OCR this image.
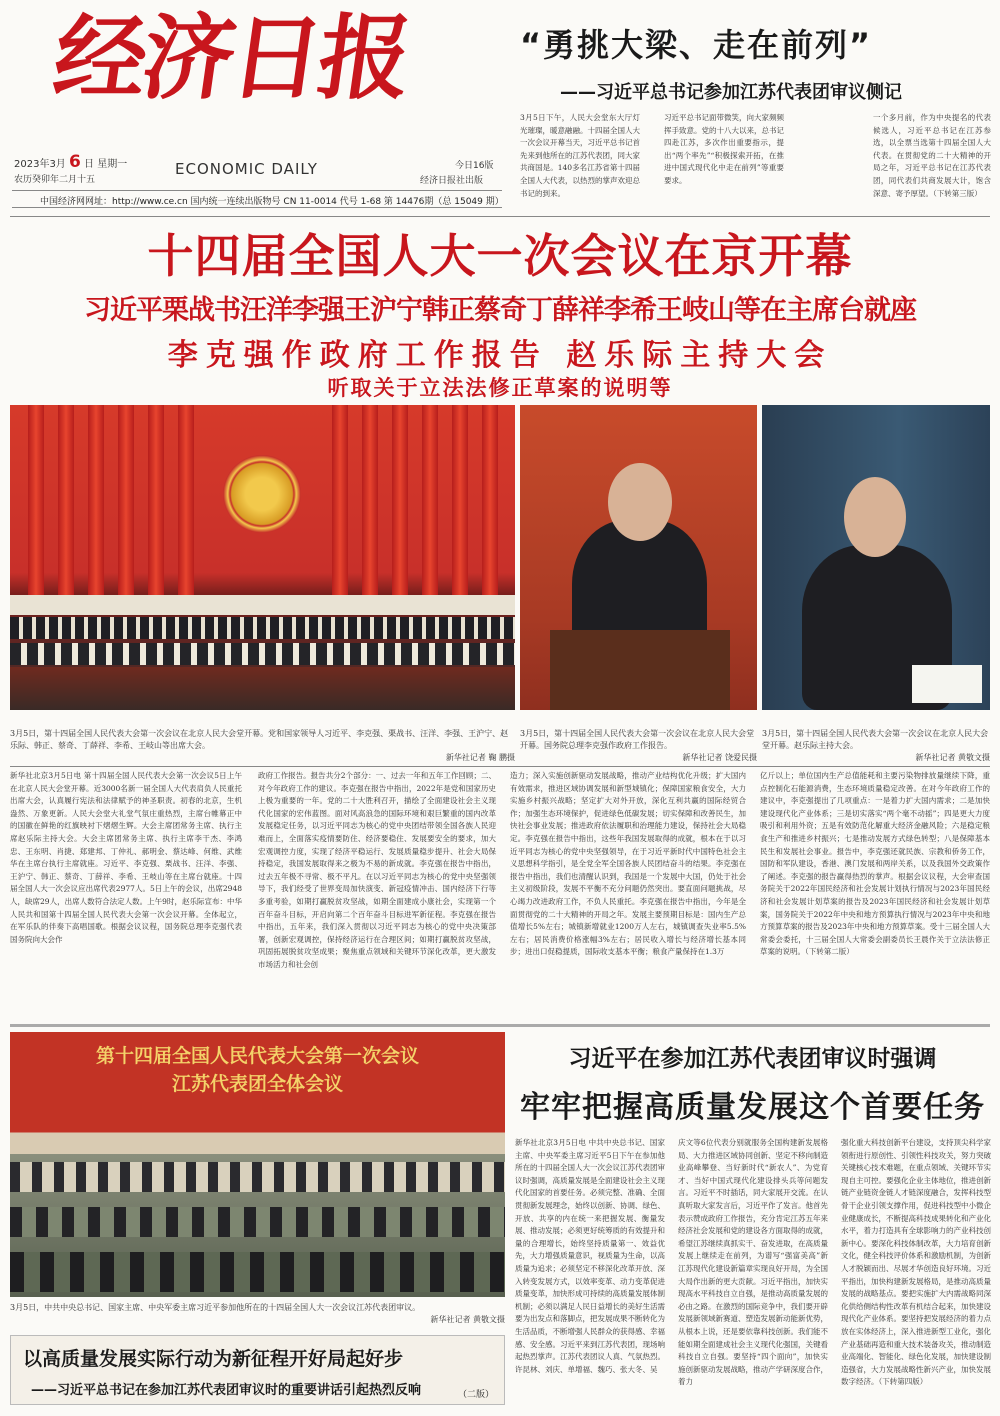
经济日报
2023年3月 6 日 星期一
农历癸卯年二月十五
ECONOMIC DAILY	今日16版
经济日报社出版
中国经济网网址：http://www.ce.cn 国内统一连续出版物号 CN 11-0014 代号 1-68 第 14476期（总 15049 期）
“勇挑大梁、走在前列”
——习近平总书记参加江苏代表团审议侧记
3月5日下午，人民大会堂东大厅灯光璀璨，暖意融融。十四届全国人大一次会议开幕当天，习近平总书记首先来到他所在的江苏代表团，同大家共商国是。140多名江苏省第十四届全国人大代表，以热烈的掌声欢迎总书记的到来。
习近平总书记面带微笑，向大家频频挥手致意。党的十八大以来，总书记四赴江苏，多次作出重要指示，提出“两个率先”“积极探索开拓，在推进中国式现代化中走在前列”等重要要求。
一个多月前，作为中央提名的代表候选人，习近平总书记在江苏参选，以全票当选第十四届全国人大代表。在贯彻党的二十大精神的开局之年，习近平总书记在江苏代表团，同代表们共商发展大计，饱含深意、寄予厚望。（下转第三版）
十四届全国人大一次会议在京开幕
习近平栗战书汪洋李强王沪宁韩正蔡奇丁薛祥李希王岐山等在主席台就座
李克强作政府工作报告 赵乐际主持大会
听取关于立法法修正草案的说明等
3月5日，第十四届全国人民代表大会第一次会议在北京人民大会堂开幕。党和国家领导人习近平、李克强、栗战书、汪洋、李强、王沪宁、赵乐际、韩正、蔡奇、丁薛祥、李希、王岐山等出席大会。
新华社记者 鞠 鹏摄
3月5日，第十四届全国人民代表大会第一次会议在北京人民大会堂开幕。国务院总理李克强作政府工作报告。
新华社记者 饶爱民摄
3月5日，第十四届全国人民代表大会第一次会议在北京人民大会堂开幕。赵乐际主持大会。
新华社记者 黄敬文摄
新华社北京3月5日电 第十四届全国人民代表大会第一次会议5日上午在北京人民大会堂开幕。近3000名新一届全国人大代表肩负人民重托出席大会，认真履行宪法和法律赋予的神圣职责。初春的北京，生机盎然、万象更新。人民大会堂大礼堂气氛庄重热烈，主席台帷幕正中的国徽在鲜艳的红旗映衬下熠熠生辉。大会主席团常务主席、执行主席赵乐际主持大会。大会主席团常务主席、执行主席李干杰、李鸿忠、王东明、肖捷、郑建邦、丁仲礼、郝明金、蔡达峰、何维、武维华在主席台执行主席就座。习近平、李克强、栗战书、汪洋、李强、王沪宁、韩正、蔡奇、丁薛祥、李希、王岐山等在主席台就座。十四届全国人大一次会议应出席代表2977人。5日上午的会议，出席2948人，缺席29人，出席人数符合法定人数。上午9时，赵乐际宣布：中华人民共和国第十四届全国人民代表大会第一次会议开幕。全体起立，在军乐队的伴奏下高唱国歌。根据会议议程，国务院总理李克强代表国务院向大会作
政府工作报告。报告共分2个部分：一、过去一年和五年工作回顾；二、对今年政府工作的建议。李克强在报告中指出，2022年是党和国家历史上极为重要的一年。党的二十大胜利召开，描绘了全面建设社会主义现代化国家的宏伟蓝图。面对风高浪急的国际环境和艰巨繁重的国内改革发展稳定任务，以习近平同志为核心的党中央团结带领全国各族人民迎难而上，全面落实疫情要防住、经济要稳住、发展要安全的要求，加大宏观调控力度，实现了经济平稳运行、发展质量稳步提升、社会大局保持稳定，我国发展取得来之极为不易的新成就。李克强在报告中指出，过去五年极不寻常、极不平凡。在以习近平同志为核心的党中央坚强领导下，我们经受了世界变局加快演变、新冠疫情冲击、国内经济下行等多重考验，如期打赢脱贫攻坚战，如期全面建成小康社会，实现第一个百年奋斗目标，开启向第二个百年奋斗目标进军新征程。李克强在报告中指出，五年来，我们深入贯彻以习近平同志为核心的党中央决策部署，创新宏观调控，保持经济运行在合理区间；如期打赢脱贫攻坚战，巩固拓展脱贫攻坚成果；聚焦重点领域和关键环节深化改革，更大激发市场活力和社会创
造力；深入实施创新驱动发展战略，推动产业结构优化升级；扩大国内有效需求，推进区域协调发展和新型城镇化；保障国家粮食安全，大力实施乡村振兴战略；坚定扩大对外开放，深化互利共赢的国际经贸合作；加强生态环境保护，促进绿色低碳发展；切实保障和改善民生，加快社会事业发展；推进政府依法履职和治理能力建设，保持社会大局稳定。李克强在报告中指出，这些年我国发展取得的成就，根本在于以习近平同志为核心的党中央坚强领导，在于习近平新时代中国特色社会主义思想科学指引，是全党全军全国各族人民团结奋斗的结果。李克强在报告中指出，我们也清醒认识到，我国是一个发展中大国，仍处于社会主义初级阶段，发展不平衡不充分问题仍然突出。要直面问题挑战，尽心竭力改进政府工作，不负人民重托。李克强在报告中指出，今年是全面贯彻党的二十大精神的开局之年。发展主要预期目标是：国内生产总值增长5%左右；城镇新增就业1200万人左右，城镇调查失业率5.5%左右；居民消费价格涨幅3%左右；居民收入增长与经济增长基本同步；进出口促稳提质，国际收支基本平衡；粮食产量保持在1.3万
亿斤以上；单位国内生产总值能耗和主要污染物排放量继续下降，重点控制化石能源消费，生态环境质量稳定改善。在对今年政府工作的建议中，李克强提出了几项重点：一是着力扩大国内需求；二是加快建设现代化产业体系；三是切实落实“两个毫不动摇”；四是更大力度吸引和利用外资；五是有效防范化解重大经济金融风险；六是稳定粮食生产和推进乡村振兴；七是推动发展方式绿色转型；八是保障基本民生和发展社会事业。报告中，李克强还就民族、宗教和侨务工作，国防和军队建设，香港、澳门发展和两岸关系，以及我国外交政策作了阐述。李克强的报告赢得热烈的掌声。根据会议议程，大会审查国务院关于2022年国民经济和社会发展计划执行情况与2023年国民经济和社会发展计划草案的报告及2023年国民经济和社会发展计划草案，国务院关于2022年中央和地方预算执行情况与2023年中央和地方预算草案的报告及2023年中央和地方预算草案。受十三届全国人大常委会委托，十三届全国人大常委会副委员长王晨作关于立法法修正草案的说明。（下转第二版）
第十四届全国人民代表大会第一次会议
江苏代表团全体会议
3月5日，中共中央总书记、国家主席、中央军委主席习近平参加他所在的十四届全国人大一次会议江苏代表团审议。
新华社记者 黄敬文摄
习近平在参加江苏代表团审议时强调
牢牢把握高质量发展这个首要任务
新华社北京3月5日电 中共中央总书记、国家主席、中央军委主席习近平5日下午在参加他所在的十四届全国人大一次会议江苏代表团审议时强调，高质量发展是全面建设社会主义现代化国家的首要任务。必须完整、准确、全面贯彻新发展理念，始终以创新、协调、绿色、开放、共享的内在统一来把握发展、衡量发展、推动发展；必须更好统筹质的有效提升和量的合理增长，始终坚持质量第一、效益优先，大力增强质量意识，视质量为生命，以高质量为追求；必须坚定不移深化改革开放、深入转变发展方式，以效率变革、动力变革促进质量变革，加快形成可持续的高质量发展体制机制；必须以满足人民日益增长的美好生活需要为出发点和落脚点，把发展成果不断转化为生活品质，不断增强人民群众的获得感、幸福感、安全感。习近平来到江苏代表团，现场响起热烈掌声。江苏代表团议人真、气氛热烈。许昆林、刘庆、单增福、魏巧、张大冬、吴
庆文等6位代表分别就服务全国构建新发展格局、大力推进区域协同创新、坚定不移向制造业高峰攀登、当好新时代“新农人”、为党育才、当好中国式现代化建设排头兵等问题发言。习近平不时插话，同大家展开交流。在认真听取大家发言后，习近平作了发言。他首先表示赞成政府工作报告，充分肯定江苏五年来经济社会发展和党的建设各方面取得的成就，希望江苏继续真抓实干、奋发进取，在高质量发展上继续走在前列，为谱写“强富美高”新江苏现代化建设新篇章实现良好开局，为全国大局作出新的更大贡献。习近平指出，加快实现高水平科技自立自强，是推动高质量发展的必由之路。在激烈的国际竞争中，我们要开辟发展新领域新赛道、塑造发展新动能新优势，从根本上说，还是要依靠科技创新。我们能不能如期全面建成社会主义现代化强国，关键看科技自立自强。要坚持“四个面向”，加快实施创新驱动发展战略，推动产学研深度合作，着力
强化重大科技创新平台建设，支持顶尖科学家领衔进行原创性、引领性科技攻关，努力突破关键核心技术难题，在重点领域、关键环节实现自主可控。要强化企业主体地位，推进创新链产业链资金链人才链深度融合，发挥科技型骨干企业引领支撑作用，促进科技型中小微企业健康成长，不断提高科技成果转化和产业化水平，着力打造具有全球影响力的产业科技创新中心。要深化科技体制改革，大力培育创新文化，健全科技评价体系和激励机制，为创新人才脱颖而出、尽展才华创造良好环境。习近平指出，加快构建新发展格局，是推动高质量发展的战略基点。要把实施扩大内需战略同深化供给侧结构性改革有机结合起来，加快建设现代化产业体系。要坚持把发展经济的着力点放在实体经济上，深入推进新型工业化，强化产业基础再造和重大技术装备攻关，推动制造业高端化、智能化、绿色化发展，加快建设制造强省，大力发展战略性新兴产业，加快发展数字经济。（下转第四版）
以高质量发展实际行动为新征程开好局起好步
——习近平总书记在参加江苏代表团审议时的重要讲话引起热烈反响	（二版）
